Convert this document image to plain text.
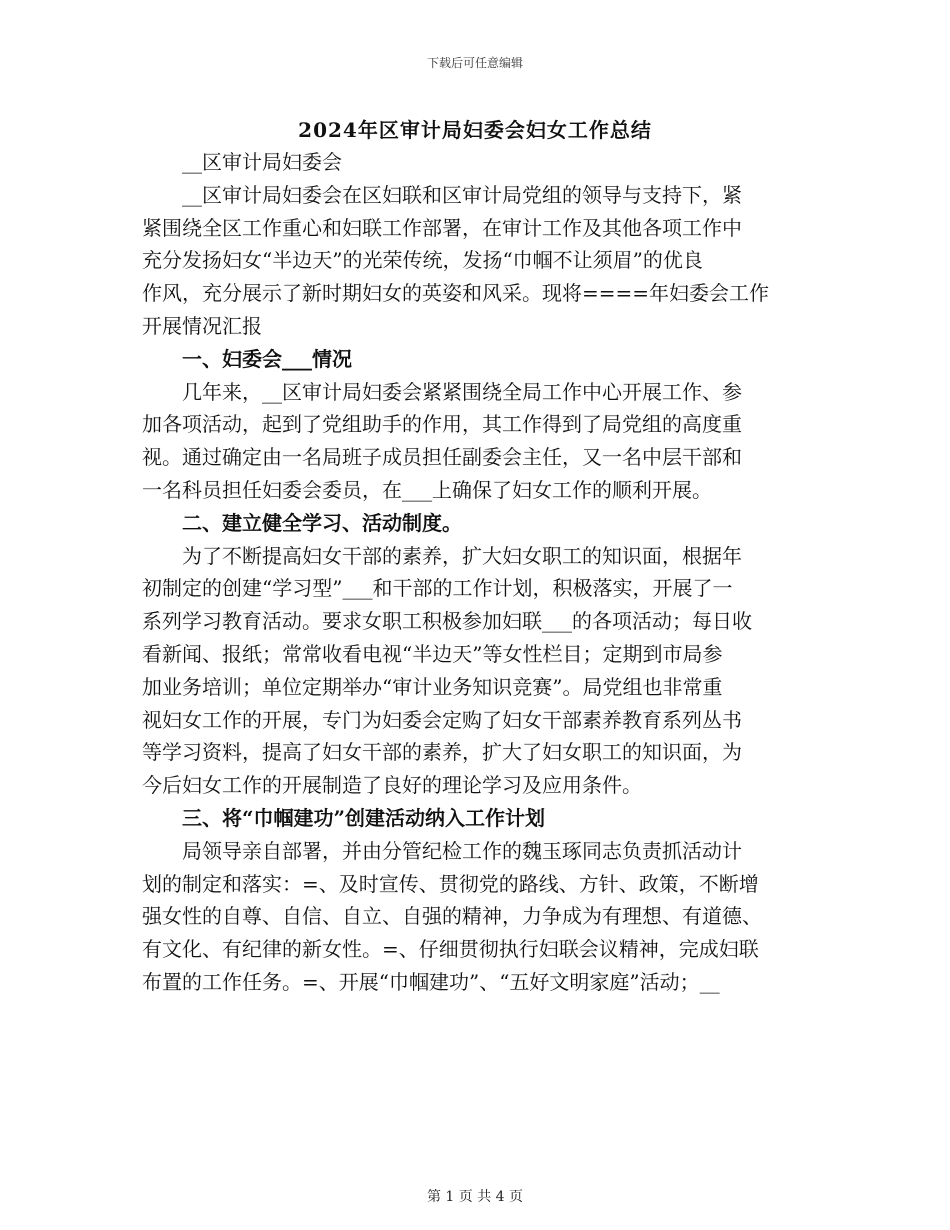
下载后可任意编辑
2024年区审计局妇委会妇女工作总结
__区审计局妇委会
__区审计局妇委会在区妇联和区审计局党组的领导与支持下，紧
紧围绕全区工作重心和妇联工作部署，在审计工作及其他各项工作中
充分发扬妇女“半边天”的光荣传统，发扬“巾帼不让须眉”的优良
作风，充分展示了新时期妇女的英姿和风采。现将====年妇委会工作
开展情况汇报
一、妇委会___情况
几年来，__区审计局妇委会紧紧围绕全局工作中心开展工作、参
加各项活动，起到了党组助手的作用，其工作得到了局党组的高度重
视。通过确定由一名局班子成员担任副委会主任，又一名中层干部和
一名科员担任妇委会委员，在___上确保了妇女工作的顺利开展。
二、建立健全学习、活动制度。
为了不断提高妇女干部的素养，扩大妇女职工的知识面，根据年
初制定的创建“学习型”___和干部的工作计划，积极落实，开展了一
系列学习教育活动。要求女职工积极参加妇联___的各项活动；每日收
看新闻、报纸；常常收看电视“半边天”等女性栏目；定期到市局参
加业务培训；单位定期举办“审计业务知识竞赛”。局党组也非常重
视妇女工作的开展，专门为妇委会定购了妇女干部素养教育系列丛书
等学习资料，提高了妇女干部的素养，扩大了妇女职工的知识面，为
今后妇女工作的开展制造了良好的理论学习及应用条件。
三、将“巾帼建功”创建活动纳入工作计划
局领导亲自部署，并由分管纪检工作的魏玉琢同志负责抓活动计
划的制定和落实：=、及时宣传、贯彻党的路线、方针、政策，不断增
强女性的自尊、自信、自立、自强的精神，力争成为有理想、有道德、
有文化、有纪律的新女性。=、仔细贯彻执行妇联会议精神，完成妇联
布置的工作任务。=、开展“巾帼建功”、“五好文明家庭”活动；__
第 1 页 共 4 页
